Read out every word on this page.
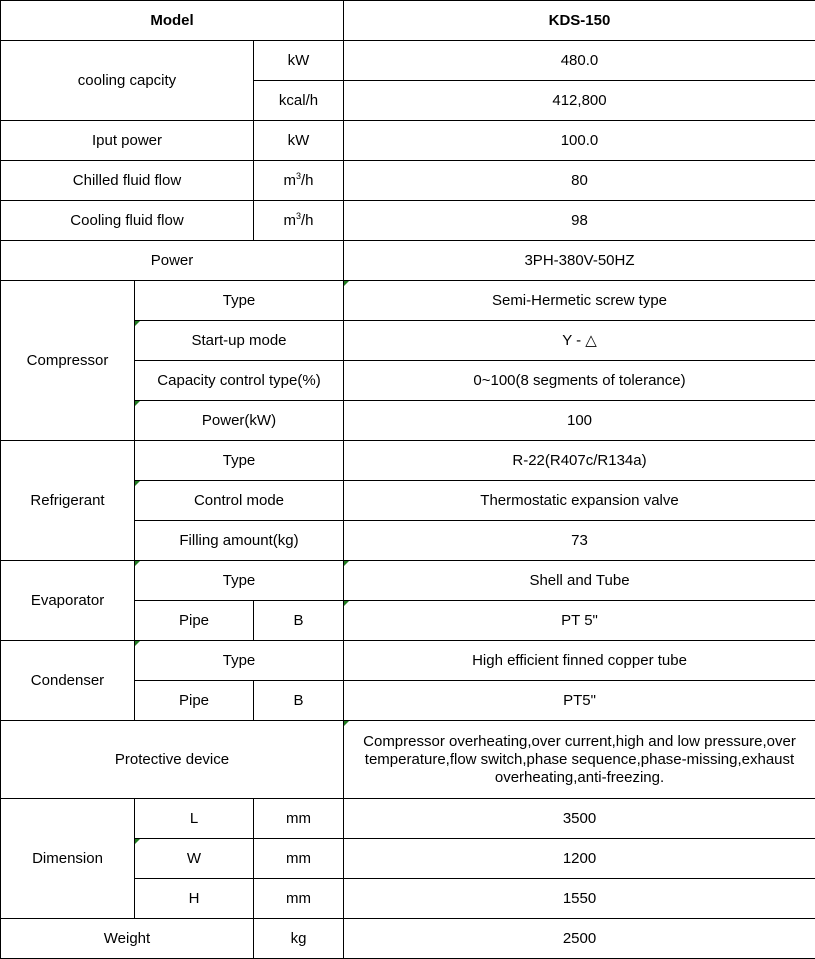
Model			KDS-150
cooling capcity		kW	480.0
		kcal/h	412,800
Iput power		kW	100.0
Chilled fluid flow		$m^3/h$	80
Cooling fluid flow		$m^3/h$	98
Power			3PH-380V-50HZ
Compressor	Type		Semi-Hermetic screw type
	Start-up mode		Y - △
	Capacity control type(%)		0~100(8 segments of tolerance)
	Power(kW)		100
Refrigerant	Type		R-22(R407c/R134a)
	Control mode		Thermostatic expansion valve
	Filling amount(kg)		73
Evaporator	Type		Shell and Tube
	Pipe	B	PT 5"
Condenser	Type		High efficient finned copper tube
	Pipe	B	PT5"
Protective device			Compressor overheating,over current,high and low pressure,over temperature,flow switch,phase sequence,phase-missing,exhaust overheating,anti-freezing.
Dimension	L	mm	3500
	W	mm	1200
	H	mm	1550
Weight		kg	2500
